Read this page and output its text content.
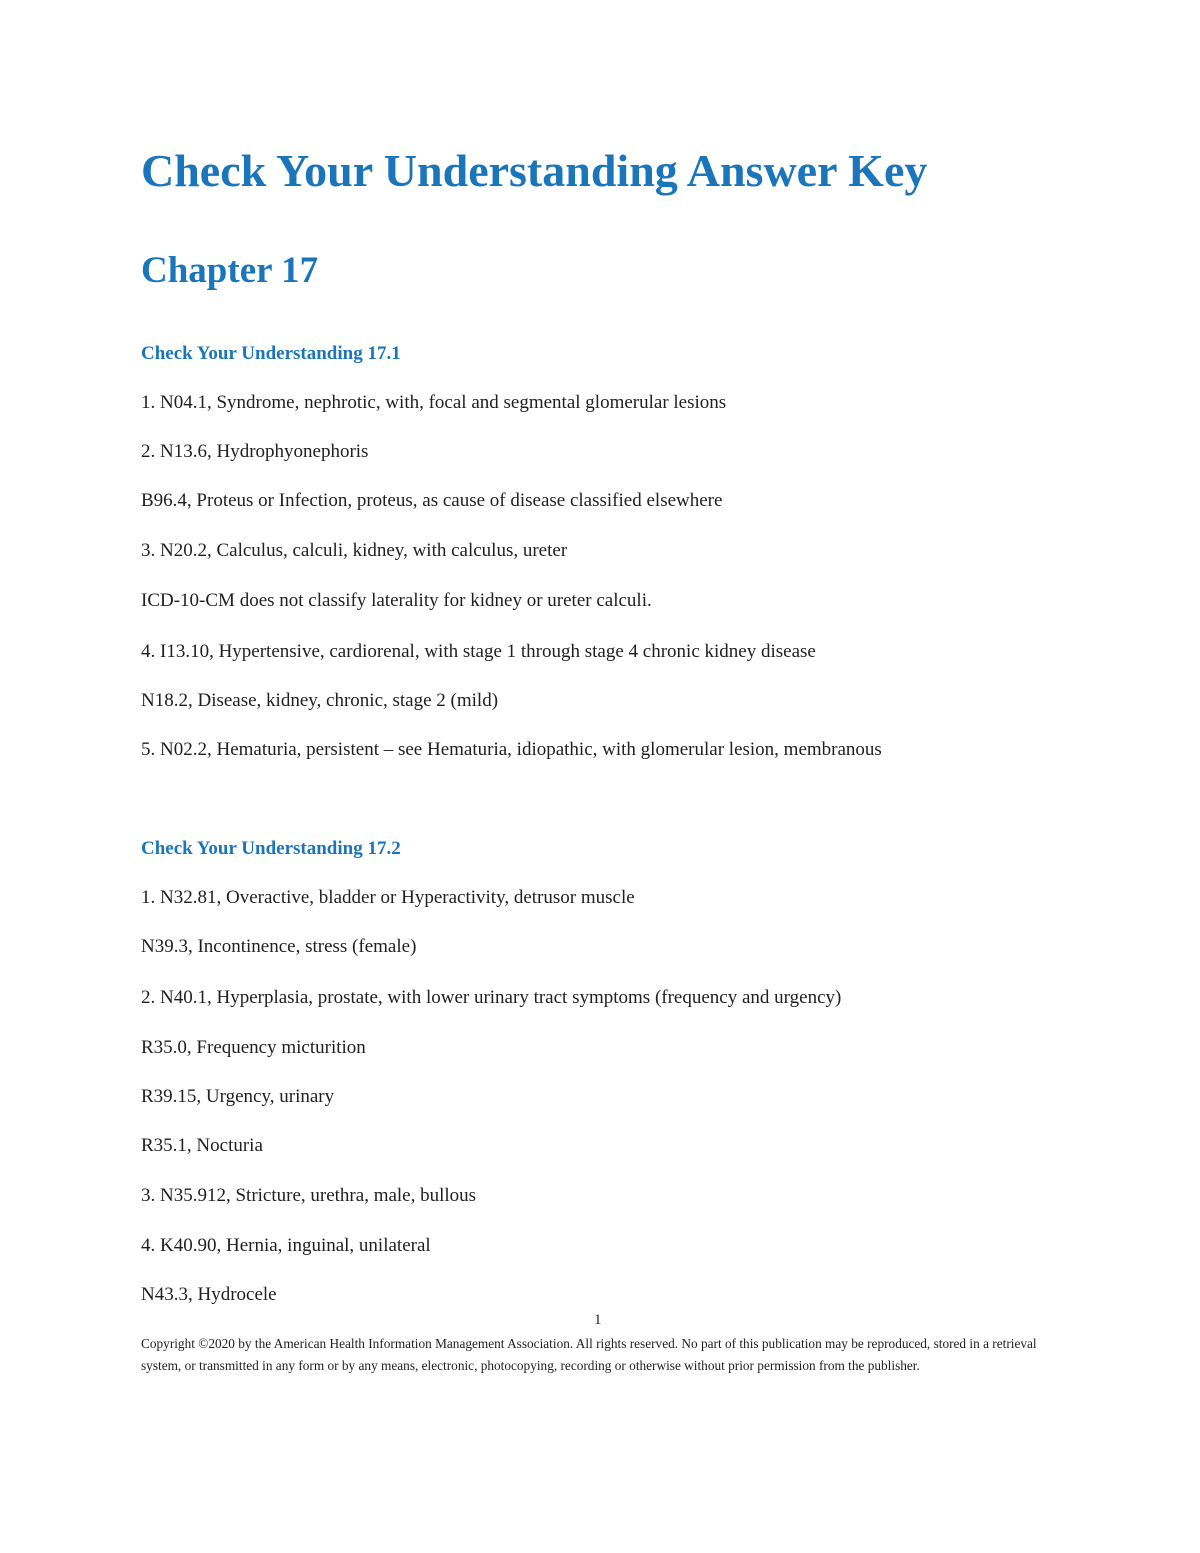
Check Your Understanding Answer Key
Chapter 17
Check Your Understanding 17.1

1. N04.1, Syndrome, nephrotic, with, focal and segmental glomerular lesions

2. N13.6, Hydrophyonephoris

B96.4, Proteus or Infection, proteus, as cause of disease classified elsewhere

3. N20.2, Calculus, calculi, kidney, with calculus, ureter

ICD-10-CM does not classify laterality for kidney or ureter calculi.

4. I13.10, Hypertensive, cardiorenal, with stage 1 through stage 4 chronic kidney disease

N18.2, Disease, kidney, chronic, stage 2 (mild)

5. N02.2, Hematuria, persistent – see Hematuria, idiopathic, with glomerular lesion, membranous

Check Your Understanding 17.2

1. N32.81, Overactive, bladder or Hyperactivity, detrusor muscle

N39.3, Incontinence, stress (female)

2. N40.1, Hyperplasia, prostate, with lower urinary tract symptoms (frequency and urgency)

R35.0, Frequency micturition

R39.15, Urgency, urinary

R35.1, Nocturia

3. N35.912, Stricture, urethra, male, bullous

4. K40.90, Hernia, inguinal, unilateral

N43.3, Hydrocele

1

Copyright ©2020 by the American Health Information Management Association. All rights reserved. No part of this publication may be reproduced, stored in a retrieval system, or transmitted in any form or by any means, electronic, photocopying, recording or otherwise without prior permission from the publisher.
